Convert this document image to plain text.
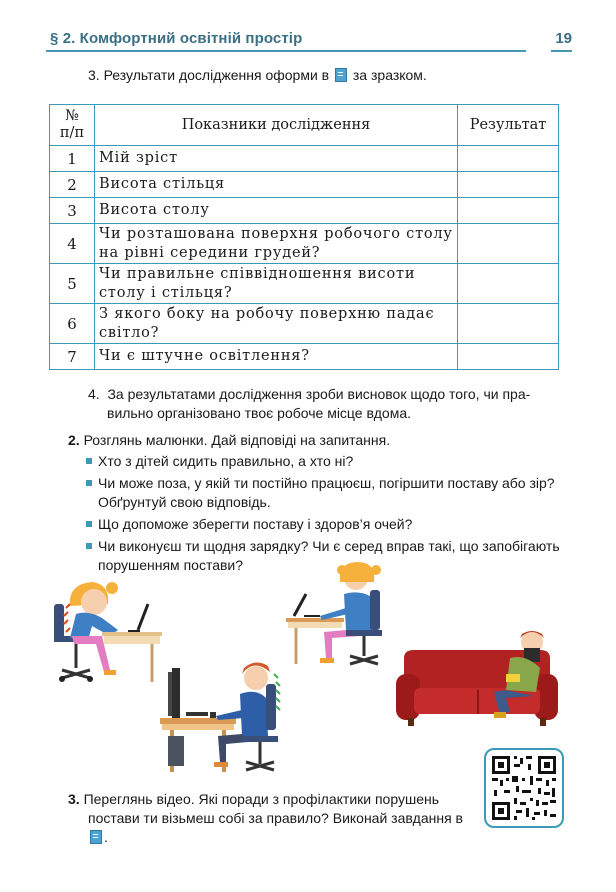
§ 2. Комфортний освітній простір	19
3. Результати дослідження оформи в за зразком.
№
п/п	Показники дослідження	Результат
1	Мій зріст	
2	Висота стільця	
3	Висота столу	
4	Чи розташована поверхня робочого столу на рівні середини грудей?	
5	Чи правильне співвідношення висоти столу і стільця?	
6	З якого боку на робочу поверхню падає світло?	
7	Чи є штучне освітлення?	
4. За результатами дослідження зроби висновок щодо того, чи пра-
вильно організовано твоє робоче місце вдома.
2. Розглянь малюнки. Дай відповіді на запитання.
Хто з дітей сидить правильно, а хто ні?
Чи може поза, у якій ти постійно працюєш, погіршити поставу або зір? Обґрунтуй свою відповідь.
Що допоможе зберегти поставу і здоров’я очей?
Чи виконуєш ти щодня зарядку? Чи є серед вправ такі, що запобігають порушенням постави?
3. Переглянь відео. Які поради з профілактики порушень
постави ти візьмеш собі за правило? Виконай завдання в .
